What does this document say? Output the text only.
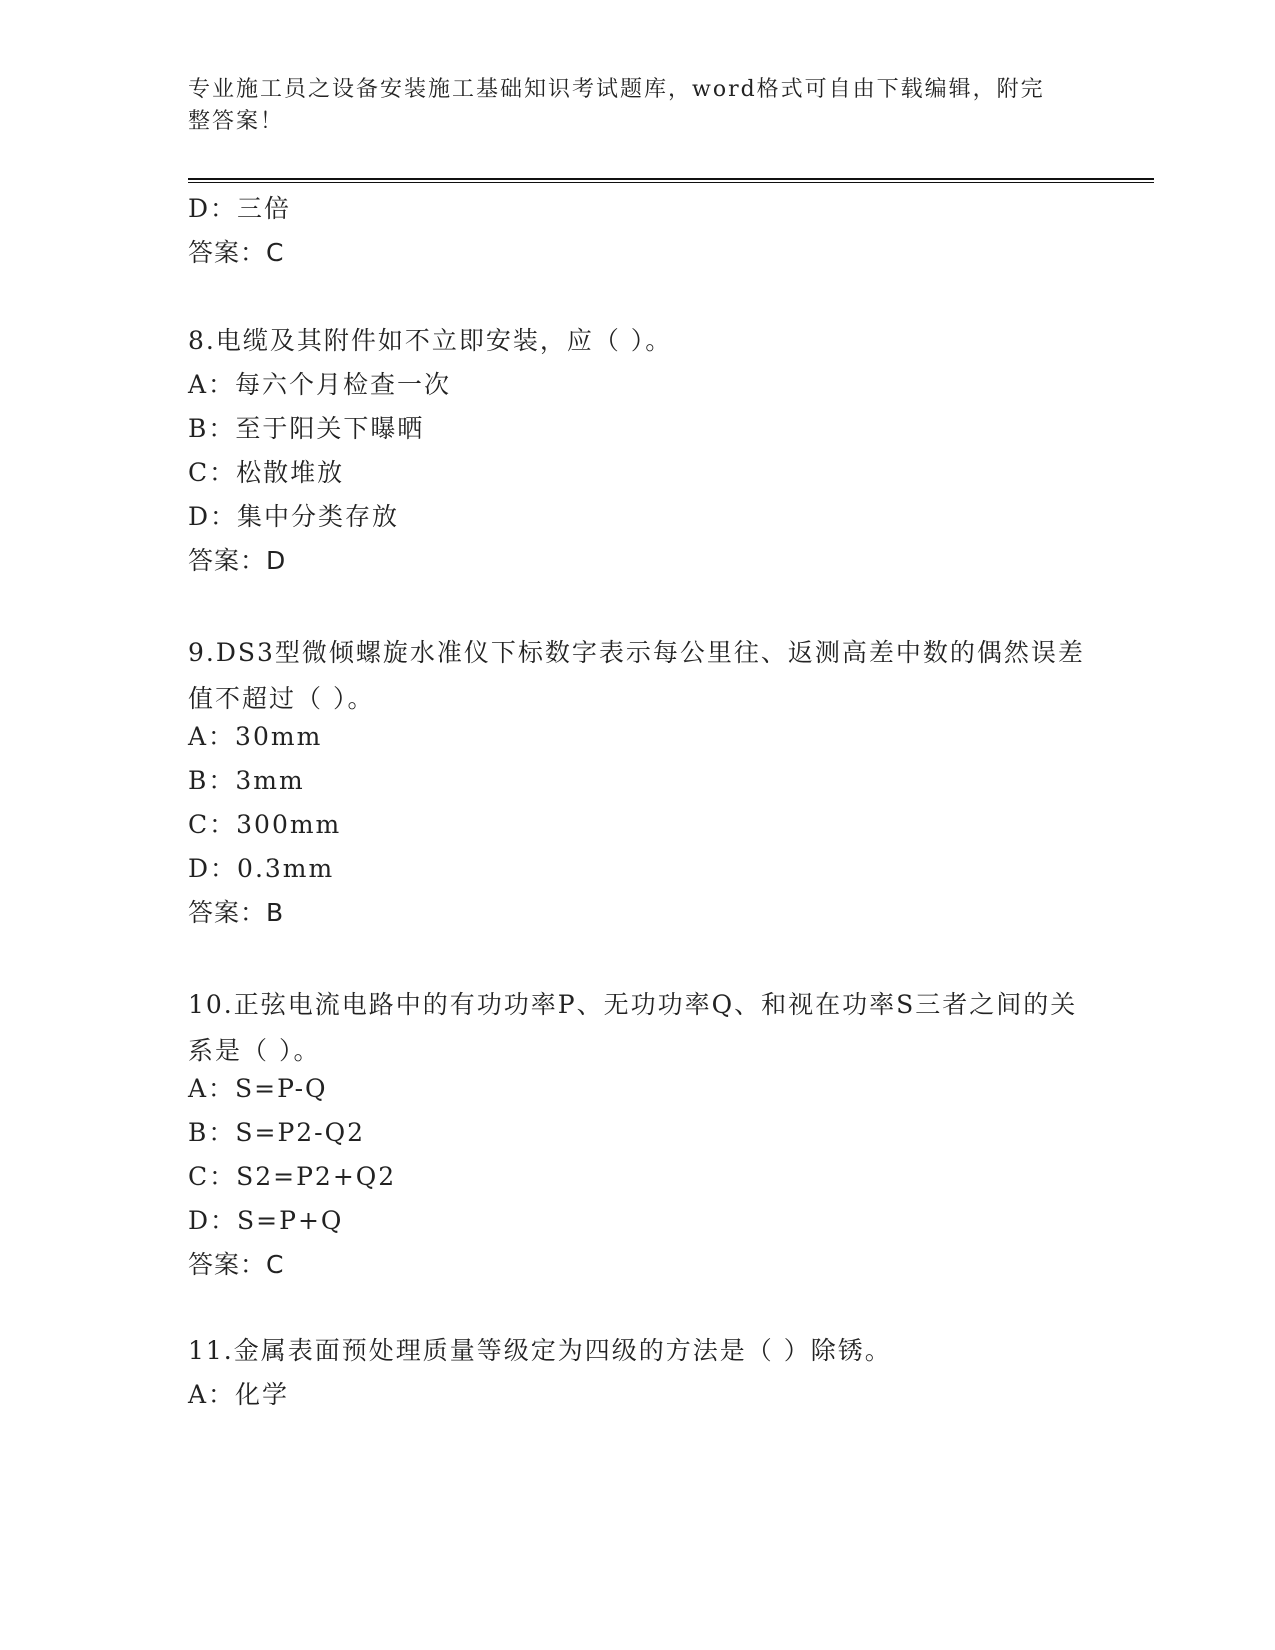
专业施工员之设备安装施工基础知识考试题库，word格式可自由下载编辑，附完整答案！
D：三倍
答案：C
8.电缆及其附件如不立即安装，应（ ）。
A：每六个月检查一次
B：至于阳关下曝晒
C：松散堆放
D：集中分类存放
答案：D
9.DS3型微倾螺旋水准仪下标数字表示每公里往、返测高差中数的偶然误差值不超过（ ）。
A：30mm
B：3mm
C：300mm
D：0.3mm
答案：B
10.正弦电流电路中的有功功率P、无功功率Q、和视在功率S三者之间的关系是（ ）。
A：S=P-Q
B：S=P2-Q2
C：S2=P2+Q2
D：S=P+Q
答案：C
11.金属表面预处理质量等级定为四级的方法是（ ）除锈。
A：化学
